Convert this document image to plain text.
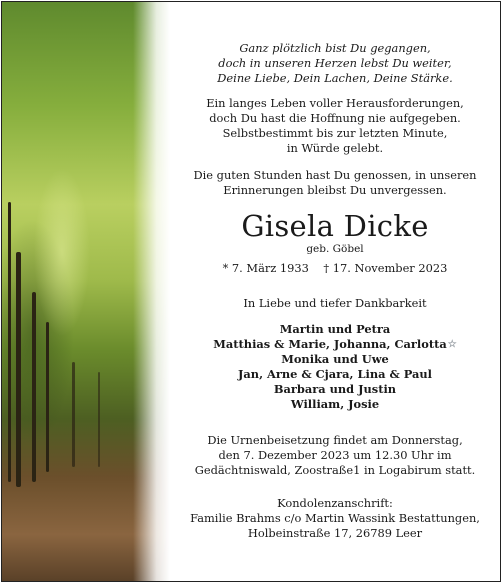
Ganz plötzlich bist Du gegangen,
doch in unseren Herzen lebst Du weiter,
Deine Liebe, Dein Lachen, Deine Stärke.
Ein langes Leben voller Herausforderungen,
doch Du hast die Hoffnung nie aufgegeben.
Selbstbestimmt bis zur letzten Minute,
in Würde gelebt.
Die guten Stunden hast Du genossen, in unseren
Erinnerungen bleibst Du unvergessen.
Gisela Dicke
geb. Göbel
* 7. März 1933 † 17. November 2023
In Liebe und tiefer Dankbarkeit
Martin und Petra
Matthias & Marie, Johanna, Carlotta☆
Monika und Uwe
Jan, Arne & Cjara, Lina & Paul
Barbara und Justin
William, Josie
Die Urnenbeisetzung findet am Donnerstag,
den 7. Dezember 2023 um 12.30 Uhr im
Gedächtniswald, Zoostraße1 in Logabirum statt.
Kondolenzanschrift:
Familie Brahms c/o Martin Wassink Bestattungen,
Holbeinstraße 17, 26789 Leer
